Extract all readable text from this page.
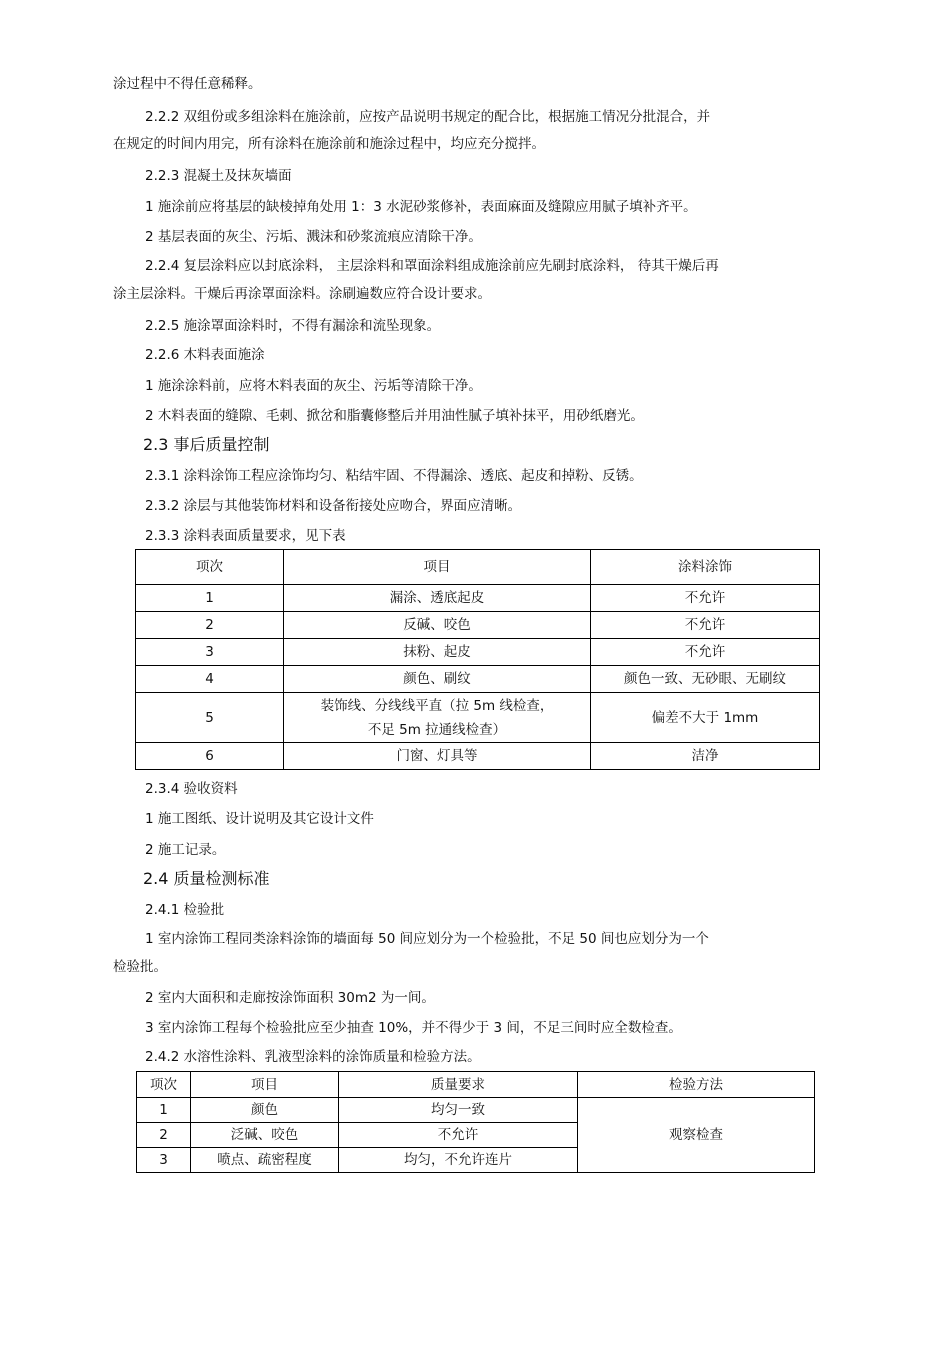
涂过程中不得任意稀释。
2.2.2 双组份或多组涂料在施涂前，应按产品说明书规定的配合比，根据施工情况分批混合，并
在规定的时间内用完，所有涂料在施涂前和施涂过程中，均应充分搅拌。
2.2.3 混凝土及抹灰墙面
1 施涂前应将基层的缺棱掉角处用 1：3 水泥砂浆修补，表面麻面及缝隙应用腻子填补齐平。
2 基层表面的灰尘、污垢、溅沫和砂浆流痕应清除干净。
2.2.4 复层涂料应以封底涂料， 主层涂料和罩面涂料组成施涂前应先刷封底涂料， 待其干燥后再
涂主层涂料。干燥后再涂罩面涂料。涂刷遍数应符合设计要求。
2.2.5 施涂罩面涂料时，不得有漏涂和流坠现象。
2.2.6 木料表面施涂
1 施涂涂料前，应将木料表面的灰尘、污垢等清除干净。
2 木料表面的缝隙、毛刺、掀岔和脂囊修整后并用油性腻子填补抹平，用砂纸磨光。
2.3 事后质量控制
2.3.1 涂料涂饰工程应涂饰均匀、粘结牢固、不得漏涂、透底、起皮和掉粉、反锈。
2.3.2 涂层与其他装饰材料和设备衔接处应吻合，界面应清晰。
2.3.3 涂料表面质量要求，见下表
项次	项目	涂料涂饰
1	漏涂、透底起皮	不允许
2	反碱、咬色	不允许
3	抹粉、起皮	不允许
4	颜色、刷纹	颜色一致、无砂眼、无刷纹
5	装饰线、分线线平直（拉 5m 线检查，
不足 5m 拉通线检查）	偏差不大于 1mm
6	门窗、灯具等	洁净
2.3.4 验收资料
1 施工图纸、设计说明及其它设计文件
2 施工记录。
2.4 质量检测标准
2.4.1 检验批
1 室内涂饰工程同类涂料涂饰的墙面每 50 间应划分为一个检验批，不足 50 间也应划分为一个
检验批。
2 室内大面积和走廊按涂饰面积 30m2 为一间。
3 室内涂饰工程每个检验批应至少抽查 10%，并不得少于 3 间，不足三间时应全数检查。
2.4.2 水溶性涂料、乳液型涂料的涂饰质量和检验方法。
项次	项目	质量要求	检验方法
1	颜色	均匀一致	观察检查
2	泛碱、咬色	不允许	
3	喷点、疏密程度	均匀，不允许连片	
